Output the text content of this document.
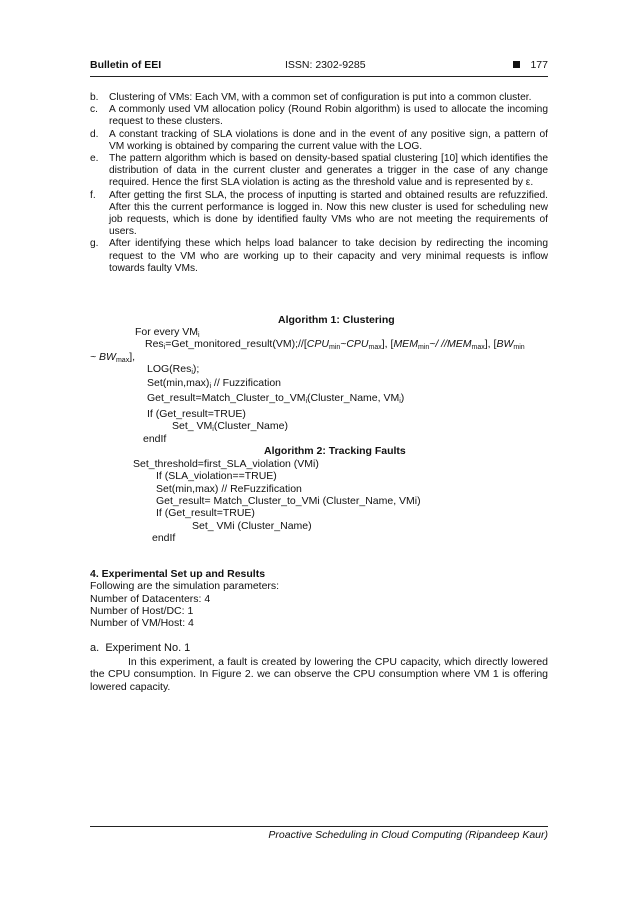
Bulletin of EEI	ISSN: 2302-9285	177
b. Clustering of VMs: Each VM, with a common set of configuration is put into a common cluster.
c. A commonly used VM allocation policy (Round Robin algorithm) is used to allocate the incoming request to these clusters.
d. A constant tracking of SLA violations is done and in the event of any positive sign, a pattern of VM working is obtained by comparing the current value with the LOG.
e. The pattern algorithm which is based on density-based spatial clustering [10] which identifies the distribution of data in the current cluster and generates a trigger in the case of any change required. Hence the first SLA violation is acting as the threshold value and is represented by ε.
f. After getting the first SLA, the process of inputting is started and obtained results are refuzzified. After this the current performance is logged in. Now this new cluster is used for scheduling new job requests, which is done by identified faulty VMs who are not meeting the requirements of users.
g. After identifying these which helps load balancer to take decision by redirecting the incoming request to the VM who are working up to their capacity and very minimal requests is inflow towards faulty VMs.
Algorithm 1: Clustering
For every $VM_i$
$Res_i=Get\_monitored\_result(VM);//[CPU_{min}\sim CPU_{max}]$, [$MEM_{min}\sim/$ $//MEM_{max}$], [$BW_{min}$
~ $BW_{max}$],
LOG(Res$_i$);
$Set(\min,\max)_i$ // Fuzzification
$Get\_result=Match\_Cluster\_to\_VM_i(Cluster\_Name$, $VM_i$)
If (Get_result=TRUE)
Set_ $VM_i(Cluster\_Name)$
endIf
Algorithm 2: Tracking Faults
Set_threshold=first_SLA_violation (VMi)
If (SLA_violation==TRUE)
Set(min,max) // ReFuzzification
Get_result= Match_Cluster_to_VMi (Cluster_Name, VMi)
If (Get_result=TRUE)
Set_ VMi (Cluster_Name)
endIf
4. Experimental Set up and Results
Following are the simulation parameters:
Number of Datacenters: 4
Number of Host/DC: 1
Number of VM/Host: 4
a. Experiment No. 1
In this experiment, a fault is created by lowering the CPU capacity, which directly lowered the CPU consumption. In Figure 2. we can observe the CPU consumption where VM 1 is offering lowered capacity.
Proactive Scheduling in Cloud Computing (Ripandeep Kaur)
